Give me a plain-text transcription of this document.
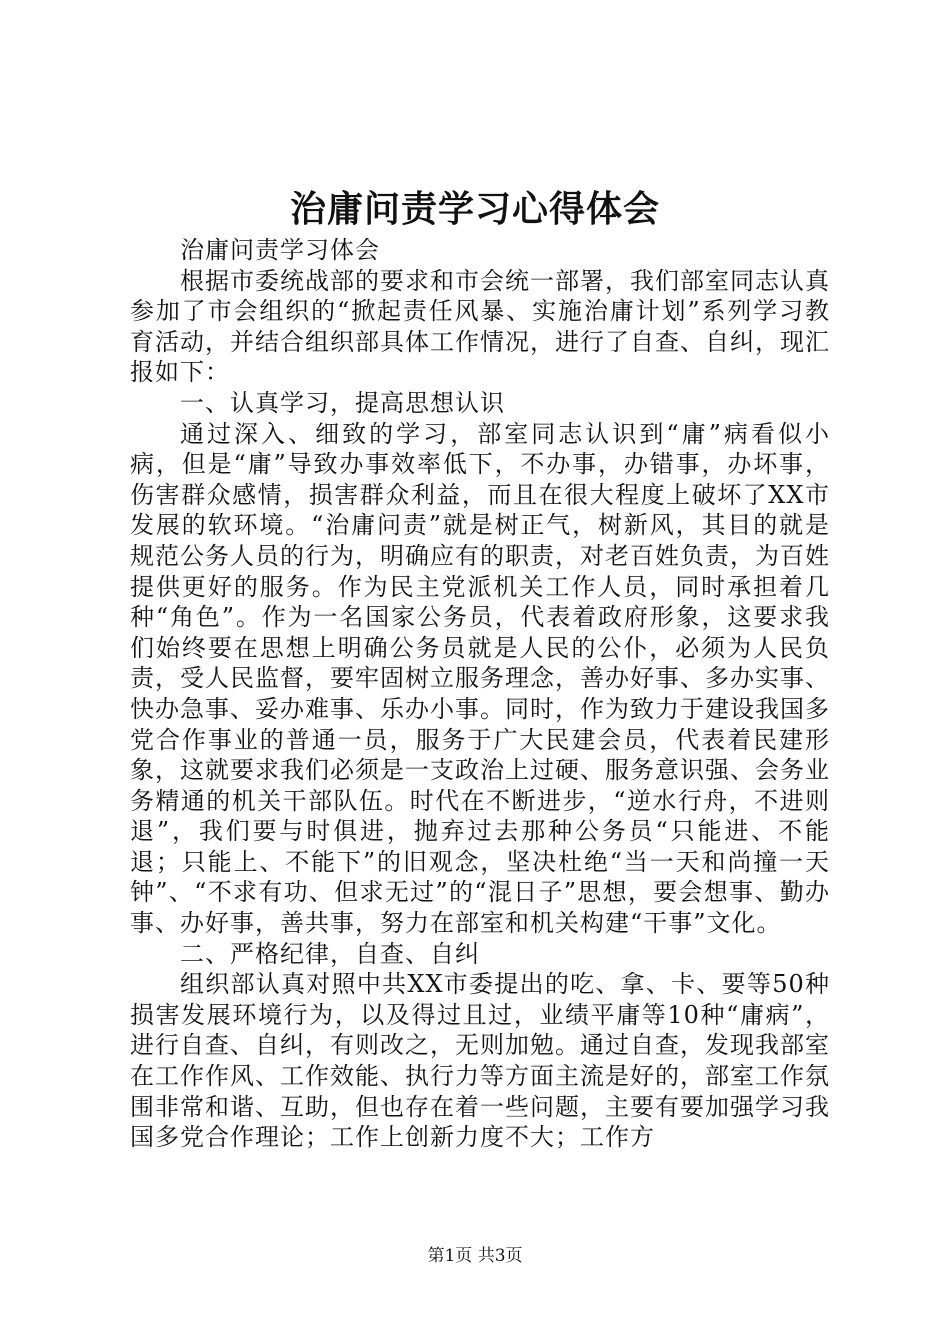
治庸问责学习心得体会

治庸问责学习体会

根据市委统战部的要求和市会统一部署，我们部室同志认真参加了市会组织的“掀起责任风暴、实施治庸计划”系列学习教育活动，并结合组织部具体工作情况，进行了自查、自纠，现汇报如下：

一、认真学习，提高思想认识

通过深入、细致的学习，部室同志认识到“庸”病看似小病，但是“庸”导致办事效率低下，不办事，办错事，办坏事，伤害群众感情，损害群众利益，而且在很大程度上破坏了XX市发展的软环境。“治庸问责”就是树正气，树新风，其目的就是规范公务人员的行为，明确应有的职责，对老百姓负责，为百姓提供更好的服务。作为民主党派机关工作人员，同时承担着几种“角色”。作为一名国家公务员，代表着政府形象，这要求我们始终要在思想上明确公务员就是人民的公仆，必须为人民负责，受人民监督，要牢固树立服务理念，善办好事、多办实事、快办急事、妥办难事、乐办小事。同时，作为致力于建设我国多党合作事业的普通一员，服务于广大民建会员，代表着民建形象，这就要求我们必须是一支政治上过硬、服务意识强、会务业务精通的机关干部队伍。时代在不断进步，“逆水行舟，不进则退”，我们要与时俱进，抛弃过去那种公务员“只能进、不能退；只能上、不能下”的旧观念，坚决杜绝“当一天和尚撞一天钟”、“不求有功、但求无过”的“混日子”思想，要会想事、勤办事、办好事，善共事，努力在部室和机关构建“干事”文化。

二、严格纪律，自查、自纠

组织部认真对照中共XX市委提出的吃、拿、卡、要等50种损害发展环境行为，以及得过且过，业绩平庸等10种“庸病”，进行自查、自纠，有则改之，无则加勉。通过自查，发现我部室在工作作风、工作效能、执行力等方面主流是好的，部室工作氛围非常和谐、互助，但也存在着一些问题，主要有要加强学习我国多党合作理论；工作上创新力度不大；工作方

第1页 共3页
